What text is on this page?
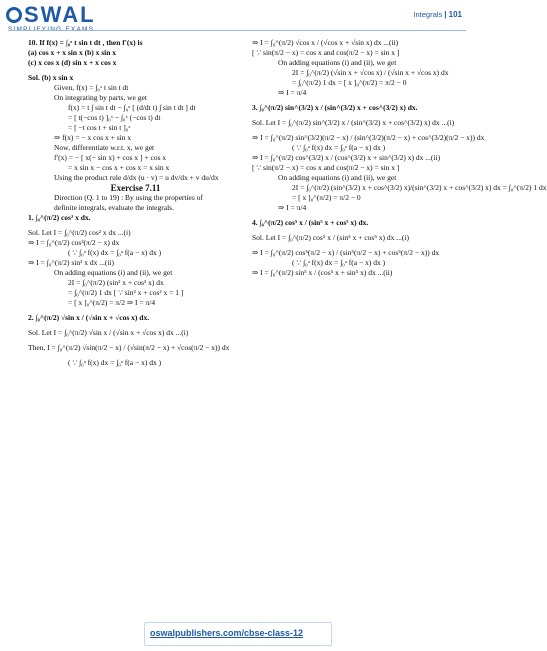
SWAL	Integrals | 101
10. If f(x) = ∫₀ˣ t sin t dt , then f′(x) is
(a) cos x + x sin x (b) x sin x
(c) x cos x (d) sin x + x cos x
Sol. (b) x sin x
Given, f(x) = ∫₀ˣ t sin t dt
On integrating by parts, we get
f(x) = t ∫ sin t dt − ∫₀ˣ [ (d/dt t) ∫ sin t dt ] dt
= [ t(−cos t) ]₀ˣ − ∫₀ˣ (−cos t) dt
= [ −t cos t + sin t ]₀ˣ
⇒ f(x) = − x cos x + sin x
Now, differentiate w.r.t. x, we get
f′(x) = − [ x(− sin x) + cos x ] + cos x
= x sin x − cos x + cos x = x sin x
Using the product rule d/dx (u · v) = u dv/dx + v du/dx
Exercise 7.11
Direction (Q. 1 to 19) : By using the properties of
definite integrals, evaluate the integrals.
1. ∫₀^(π/2) cos² x dx.
Sol. Let I = ∫₀^(π/2) cos² x dx ...(i)
⇒ I = ∫₀^(π/2) cos²(π/2 − x) dx
( ∵ ∫₀ᵃ f(x) dx = ∫₀ᵃ f(a − x) dx )
⇒ I = ∫₀^(π/2) sin² x dx ...(ii)
On adding equations (i) and (ii), we get
2I = ∫₀^(π/2) (sin² x + cos² x) dx
= ∫₀^(π/2) 1 dx [ ∵ sin² x + cos² x = 1 ]
= [ x ]₀^(π/2) = π/2 ⇒ I = π/4
2. ∫₀^(π/2) √sin x / (√sin x + √cos x) dx.
Sol. Let I = ∫₀^(π/2) √sin x / (√sin x + √cos x) dx ...(i)
Then, I = ∫₀^(π/2) √sin(π/2 − x) / (√sin(π/2 − x) + √cos(π/2 − x)) dx
( ∵ ∫₀ᵃ f(x) dx = ∫₀ᵃ f(a − x) dx )
⇒ I = ∫₀^(π/2) √cos x / (√cos x + √sin x) dx ...(ii)
[ ∵ sin(π/2 − x) = cos x and cos(π/2 − x) = sin x ]
On adding equations (i) and (ii), we get
2I = ∫₀^(π/2) (√sin x + √cos x) / (√sin x + √cos x) dx
= ∫₀^(π/2) 1 dx = [ x ]₀^(π/2) = π/2 − 0
⇒ I = π/4
3. ∫₀^(π/2) sin^(3/2) x / (sin^(3/2) x + cos^(3/2) x) dx.
Sol. Let I = ∫₀^(π/2) sin^(3/2) x / (sin^(3/2) x + cos^(3/2) x) dx ...(i)
⇒ I = ∫₀^(π/2) sin^(3/2)(π/2 − x) / (sin^(3/2)(π/2 − x) + cos^(3/2)(π/2 − x)) dx
( ∵ ∫₀ᵃ f(x) dx = ∫₀ᵃ f(a − x) dx )
⇒ I = ∫₀^(π/2) cos^(3/2) x / (cos^(3/2) x + sin^(3/2) x) dx ...(ii)
[ ∵ sin(π/2 − x) = cos x and cos(π/2 − x) = sin x ]
On adding equations (i) and (ii), we get
2I = ∫₀^(π/2) (sin^(3/2) x + cos^(3/2) x)/(sin^(3/2) x + cos^(3/2) x) dx = ∫₀^(π/2) 1 dx
= [ x ]₀^(π/2) = π/2 − 0
⇒ I = π/4
4. ∫₀^(π/2) cos⁵ x / (sin⁵ x + cos⁵ x) dx.
Sol. Let I = ∫₀^(π/2) cos⁵ x / (sin⁵ x + cos⁵ x) dx ...(i)
⇒ I = ∫₀^(π/2) cos⁵(π/2 − x) / (sin⁵(π/2 − x) + cos⁵(π/2 − x)) dx
( ∵ ∫₀ᵃ f(x) dx = ∫₀ᵃ f(a − x) dx )
⇒ I = ∫₀^(π/2) sin⁵ x / (cos⁵ x + sin⁵ x) dx ...(ii)
oswalpublishers.com/cbse-class-12
